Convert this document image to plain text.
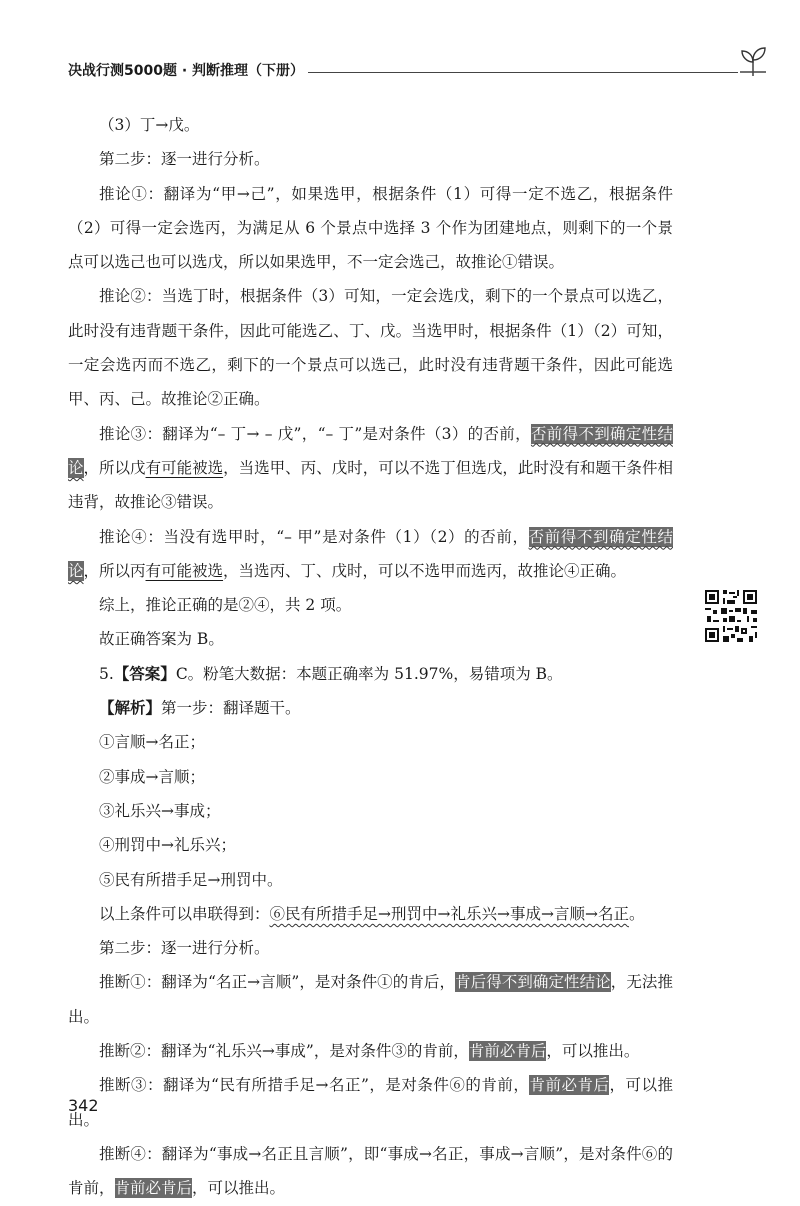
决战行测5000题 · 判断推理（下册）

（3）丁→戊。

第二步：逐一进行分析。

推论①：翻译为“甲→己”，如果选甲，根据条件（1）可得一定不选乙，根据条件（2）可得一定会选丙，为满足从 6 个景点中选择 3 个作为团建地点，则剩下的一个景点可以选己也可以选戊，所以如果选甲，不一定会选己，故推论①错误。

推论②：当选丁时，根据条件（3）可知，一定会选戊，剩下的一个景点可以选乙，此时没有违背题干条件，因此可能选乙、丁、戊。当选甲时，根据条件（1）（2）可知，一定会选丙而不选乙，剩下的一个景点可以选己，此时没有违背题干条件，因此可能选甲、丙、己。故推论②正确。

推论③：翻译为“– 丁→ – 戊”，“– 丁”是对条件（3）的否前，否前得不到确定性结论，所以戊有可能被选，当选甲、丙、戊时，可以不选丁但选戊，此时没有和题干条件相违背，故推论③错误。

推论④：当没有选甲时，“– 甲”是对条件（1）（2）的否前，否前得不到确定性结论，所以丙有可能被选，当选丙、丁、戊时，可以不选甲而选丙，故推论④正确。

综上，推论正确的是②④，共 2 项。

故正确答案为 B。

5.【答案】C。粉笔大数据：本题正确率为 51.97%，易错项为 B。

【解析】第一步：翻译题干。

①言顺→名正；

②事成→言顺；

③礼乐兴→事成；

④刑罚中→礼乐兴；

⑤民有所措手足→刑罚中。

以上条件可以串联得到：⑥民有所措手足→刑罚中→礼乐兴→事成→言顺→名正。

第二步：逐一进行分析。

推断①：翻译为“名正→言顺”，是对条件①的肯后，肯后得不到确定性结论，无法推出。

推断②：翻译为“礼乐兴→事成”，是对条件③的肯前，肯前必肯后，可以推出。

推断③：翻译为“民有所措手足→名正”，是对条件⑥的肯前，肯前必肯后，可以推出。

推断④：翻译为“事成→名正且言顺”，即“事成→名正，事成→言顺”，是对条件⑥的肯前，肯前必肯后，可以推出。

342
